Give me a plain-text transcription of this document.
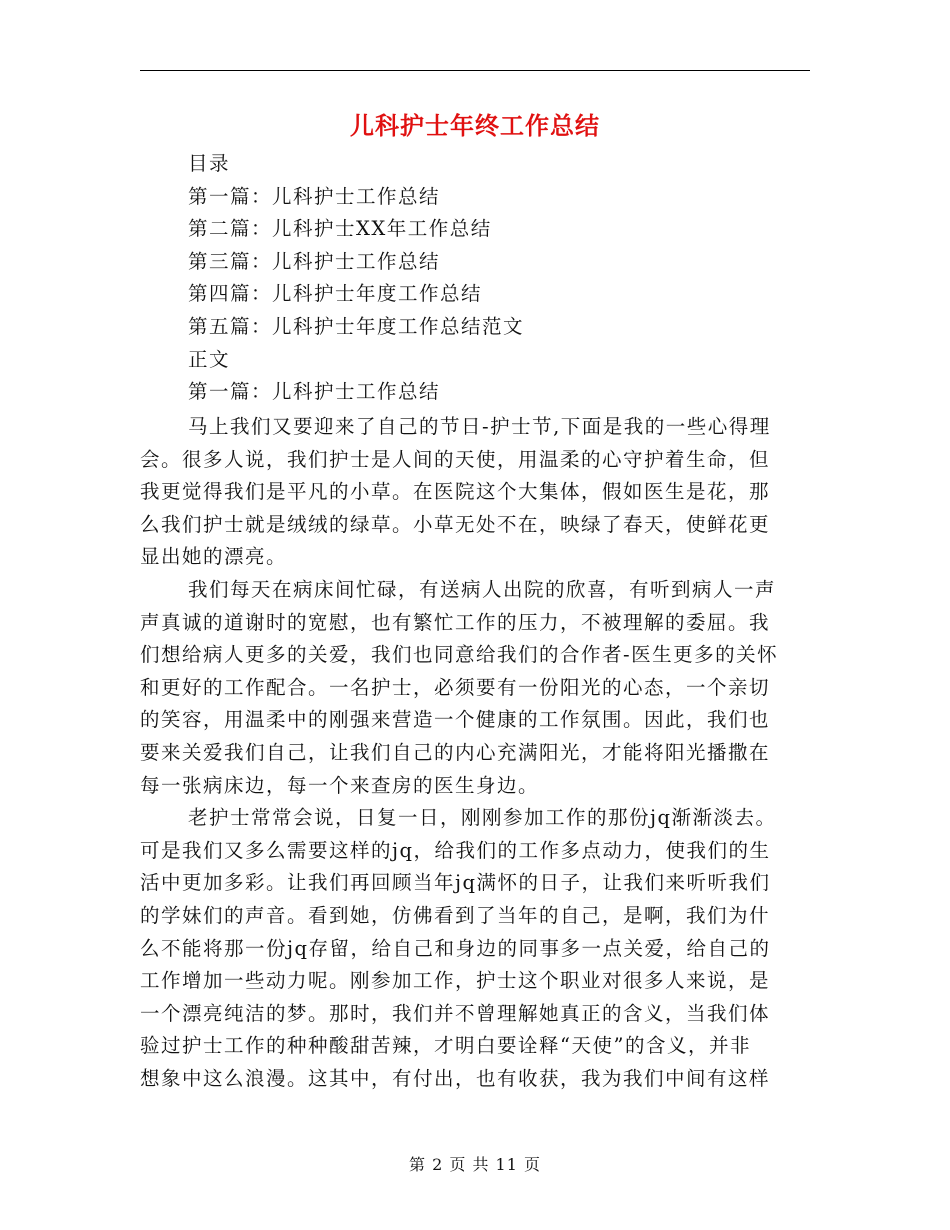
儿科护士年终工作总结
目录
第一篇：儿科护士工作总结
第二篇：儿科护士XX年工作总结
第三篇：儿科护士工作总结
第四篇：儿科护士年度工作总结
第五篇：儿科护士年度工作总结范文
正文
第一篇：儿科护士工作总结

马上我们又要迎来了自己的节日-护士节,下面是我的一些心得理
会。很多人说，我们护士是人间的天使，用温柔的心守护着生命，但
我更觉得我们是平凡的小草。在医院这个大集体，假如医生是花，那
么我们护士就是绒绒的绿草。小草无处不在，映绿了春天，使鲜花更
显出她的漂亮。

我们每天在病床间忙碌，有送病人出院的欣喜，有听到病人一声
声真诚的道谢时的宽慰，也有繁忙工作的压力，不被理解的委屈。我
们想给病人更多的关爱，我们也同意给我们的合作者-医生更多的关怀
和更好的工作配合。一名护士，必须要有一份阳光的心态，一个亲切
的笑容，用温柔中的刚强来营造一个健康的工作氛围。因此，我们也
要来关爱我们自己，让我们自己的内心充满阳光，才能将阳光播撒在
每一张病床边，每一个来查房的医生身边。

老护士常常会说，日复一日，刚刚参加工作的那份jq渐渐淡去。
可是我们又多么需要这样的jq，给我们的工作多点动力，使我们的生
活中更加多彩。让我们再回顾当年jq满怀的日子，让我们来听听我们
的学妹们的声音。看到她，仿佛看到了当年的自己，是啊，我们为什
么不能将那一份jq存留，给自己和身边的同事多一点关爱，给自己的
工作增加一些动力呢。刚参加工作，护士这个职业对很多人来说，是
一个漂亮纯洁的梦。那时，我们并不曾理解她真正的含义，当我们体
验过护士工作的种种酸甜苦辣，才明白要诠释“天使”的含义，并非
想象中这么浪漫。这其中，有付出，也有收获，我为我们中间有这样

第 2 页 共 11 页
